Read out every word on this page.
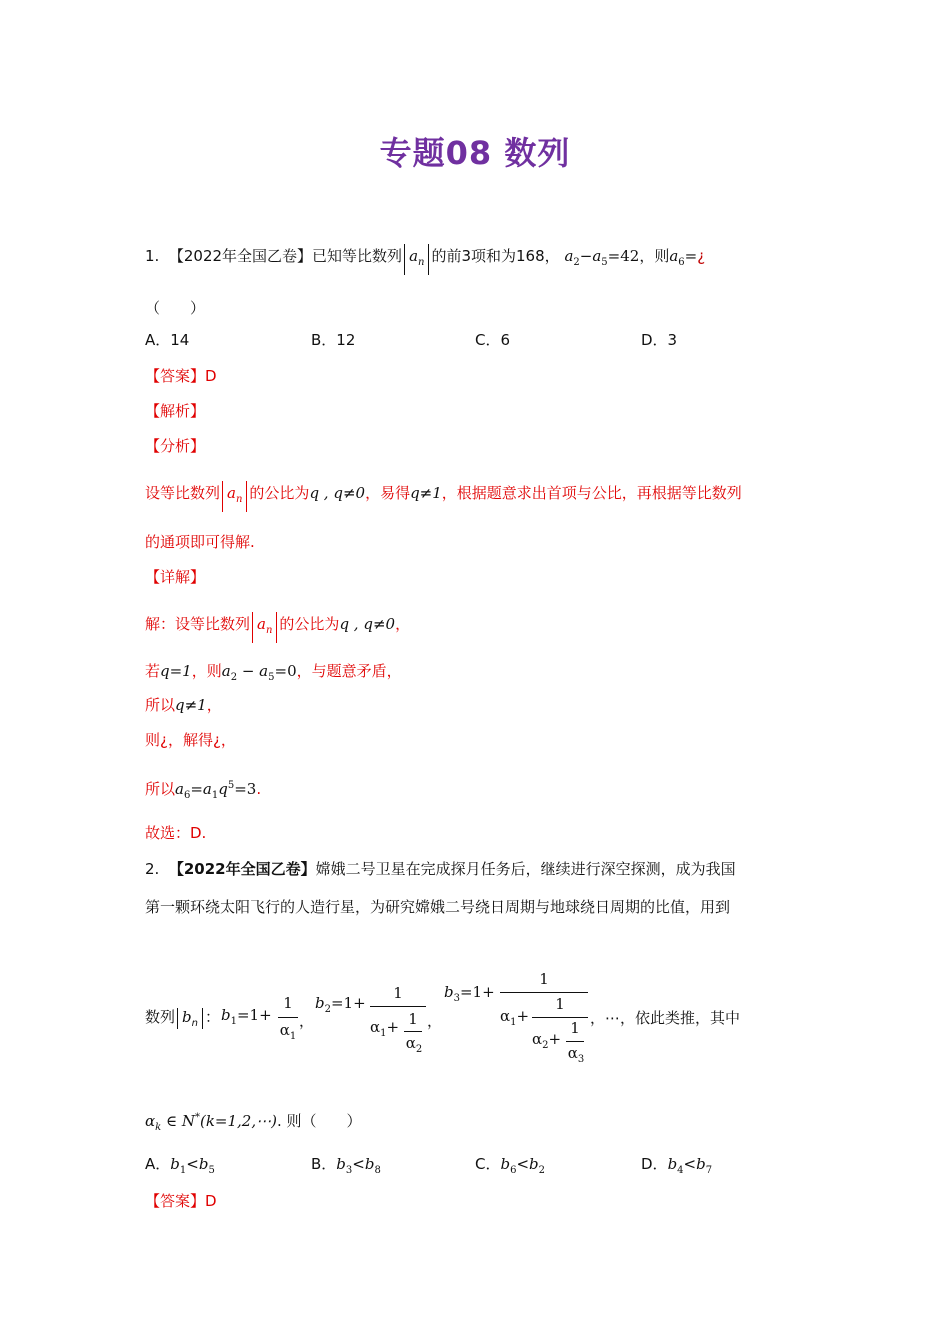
专题08 数列
1. 【2022年全国乙卷】已知等比数列 $a_n$ 的前3项和为168， $a_2-a_5=42$，则$a_6=¿$
（　　）
A．14	B．12	C．6	D．3
【答案】D
【解析】
【分析】
设等比数列 $a_n$ 的公比为q , q≠0，易得q≠1，根据题意求出首项与公比，再根据等比数列
的通项即可得解.
【详解】
解：设等比数列 $a_n$ 的公比为q , q≠0，
若q=1，则$a_2 - a_5=0$，与题意矛盾，
所以q≠1，
则¿，解得¿，
所以$a_6=a_1q^5=3$.
故选：D.
2. 【2022年全国乙卷】嫦娥二号卫星在完成探月任务后，继续进行深空探测，成为我国
第一颗环绕太阳飞行的人造行星，为研究嫦娥二号绕日周期与地球绕日周期的比值，用到
数列 $b_n$ ： $b_1=1+$
1
$\alpha_1$
，
$b_2=1+$
1
$\alpha_1+ 1$
$\alpha_2$
，
$b_3=1+$
1
$\alpha_1+$
1
$\alpha_2+$
1
$\alpha_3$
，⋯，依此类推，其中
$\alpha_k$ ∈ N*(k=1,2,⋯). 则（　　）
A．$b_1<b_5$	B．$b_3<b_8$	C．$b_6<b_2$	D．$b_4<b_7$
【答案】D
